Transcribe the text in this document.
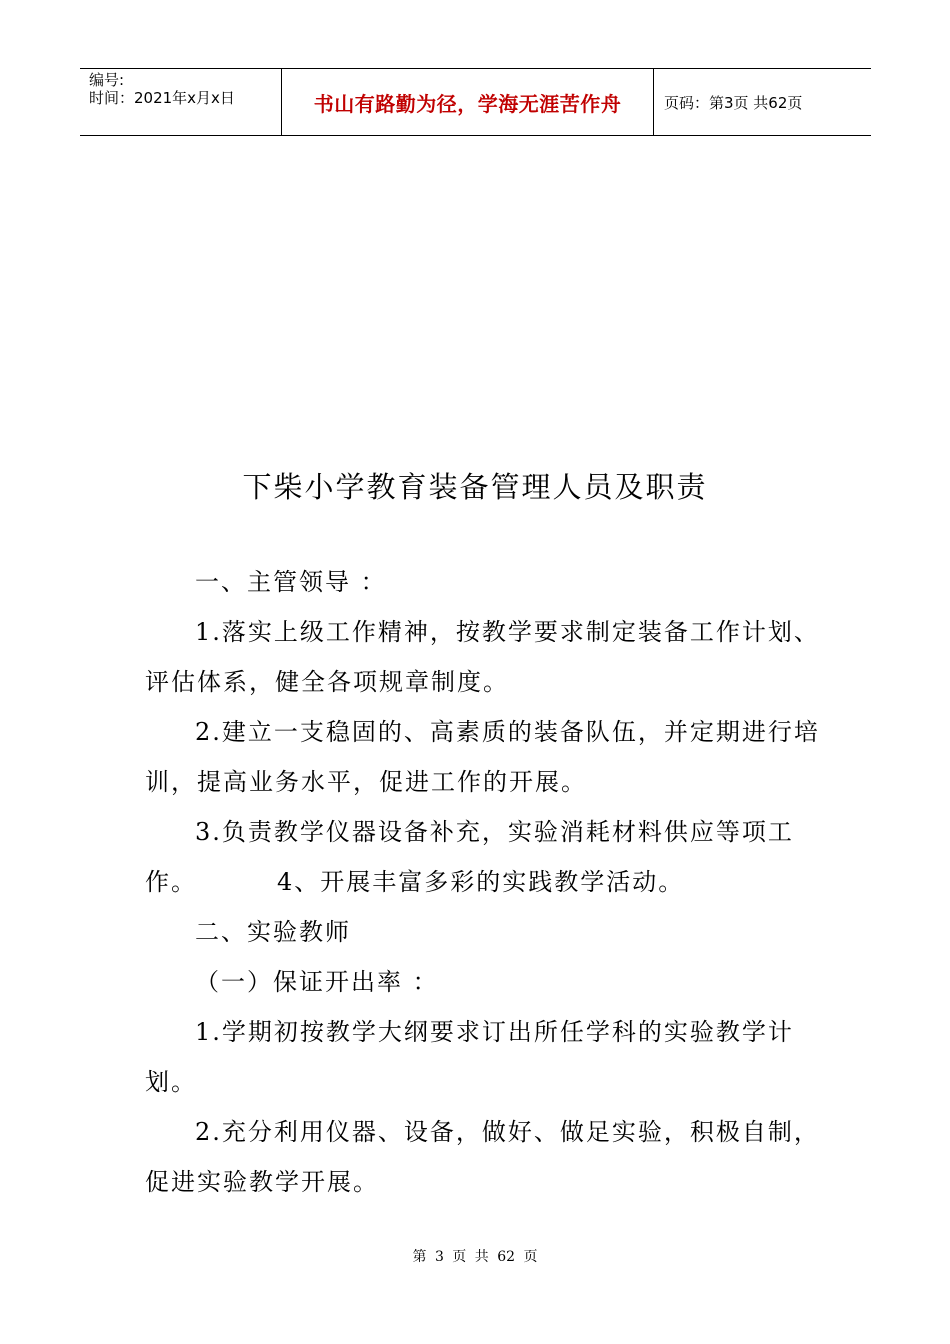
编号:
时间：2021年x月x日	书山有路勤为径，学海无涯苦作舟	页码：第3页 共62页
下柴小学教育装备管理人员及职责

一、主管领导 ：

1.落实上级工作精神，按教学要求制定装备工作计划、评估体系，健全各项规章制度。

2.建立一支稳固的、高素质的装备队伍，并定期进行培训，提高业务水平，促进工作的开展。

3.负责教学仪器设备补充，实验消耗材料供应等项工作。	4、开展丰富多彩的实践教学活动。

二、实验教师

（一）保证开出率 ：

1.学期初按教学大纲要求订出所任学科的实验教学计划。

2.充分利用仪器、设备，做好、做足实验，积极自制，促进实验教学开展。

第 3 页 共 62 页
